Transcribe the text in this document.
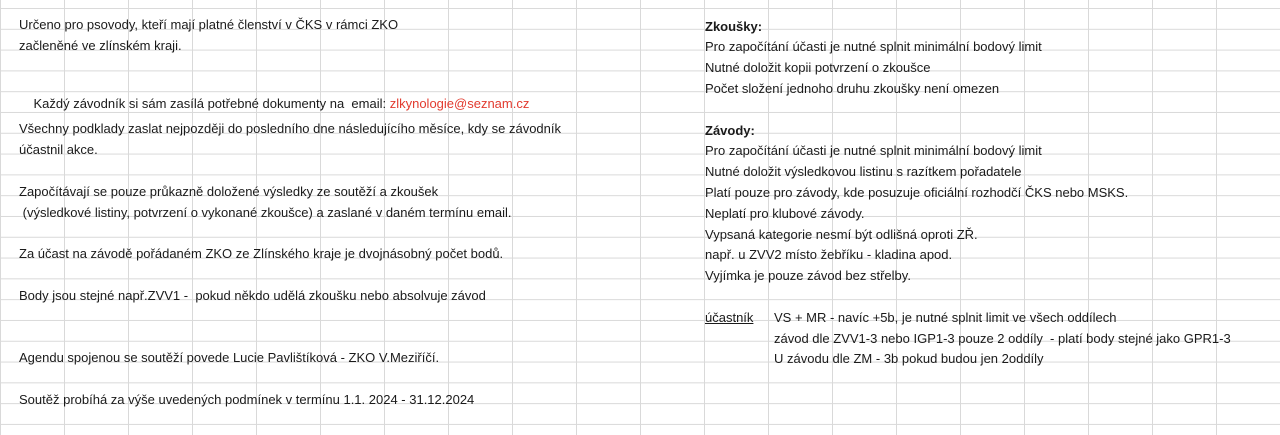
Určeno pro psovody, kteří mají platné členství v ČKS v rámci ZKO
začleněné ve zlínském kraji.

Každý závodník si sám zasílá potřebné dokumenty na  email: zlkynologie@seznam.cz

Všechny podklady zaslat nejpozději do posledního dne následujícího měsíce, kdy se závodník
účastnil akce.
Započítávají se pouze průkazně doložené výsledky ze soutěží a zkoušek
(výsledkové listiny, potvrzení o vykonané zkoušce) a zaslané v daném termínu email.
Za účast na závodě pořádaném ZKO ze Zlínského kraje je dvojnásobný počet bodů.
Body jsou stejné např.ZVV1 -  pokud někdo udělá zkoušku nebo absolvuje závod
Agendu spojenou se soutěží povede Lucie Pavlištíková - ZKO V.Meziříčí.
Soutěž probíhá za výše uvedených podmínek v termínu 1.1. 2024 - 31.12.2024
Zkoušky:
Pro započítání účasti je nutné splnit minimální bodový limit
Nutné doložit kopii potvrzení o zkoušce
Počet složení jednoho druhu zkoušky není omezen
Závody:
Pro započítání účasti je nutné splnit minimální bodový limit
Nutné doložit výsledkovou listinu s razítkem pořadatele
Platí pouze pro závody, kde posuzuje oficiální rozhodčí ČKS nebo MSKS.
Neplatí pro klubové závody.
Vypsaná kategorie nesmí být odlišná oproti ZŘ.
např. u ZVV2 místo žebříku - kladina apod.
Vyjímka je pouze závod bez střelby.
účastník VS + MR - navíc +5b, je nutné splnit limit ve všech oddílech
závod dle ZVV1-3 nebo IGP1-3 pouze 2 oddíly  - platí body stejné jako GPR1-3
U závodu dle ZM - 3b pokud budou jen 2oddíly
